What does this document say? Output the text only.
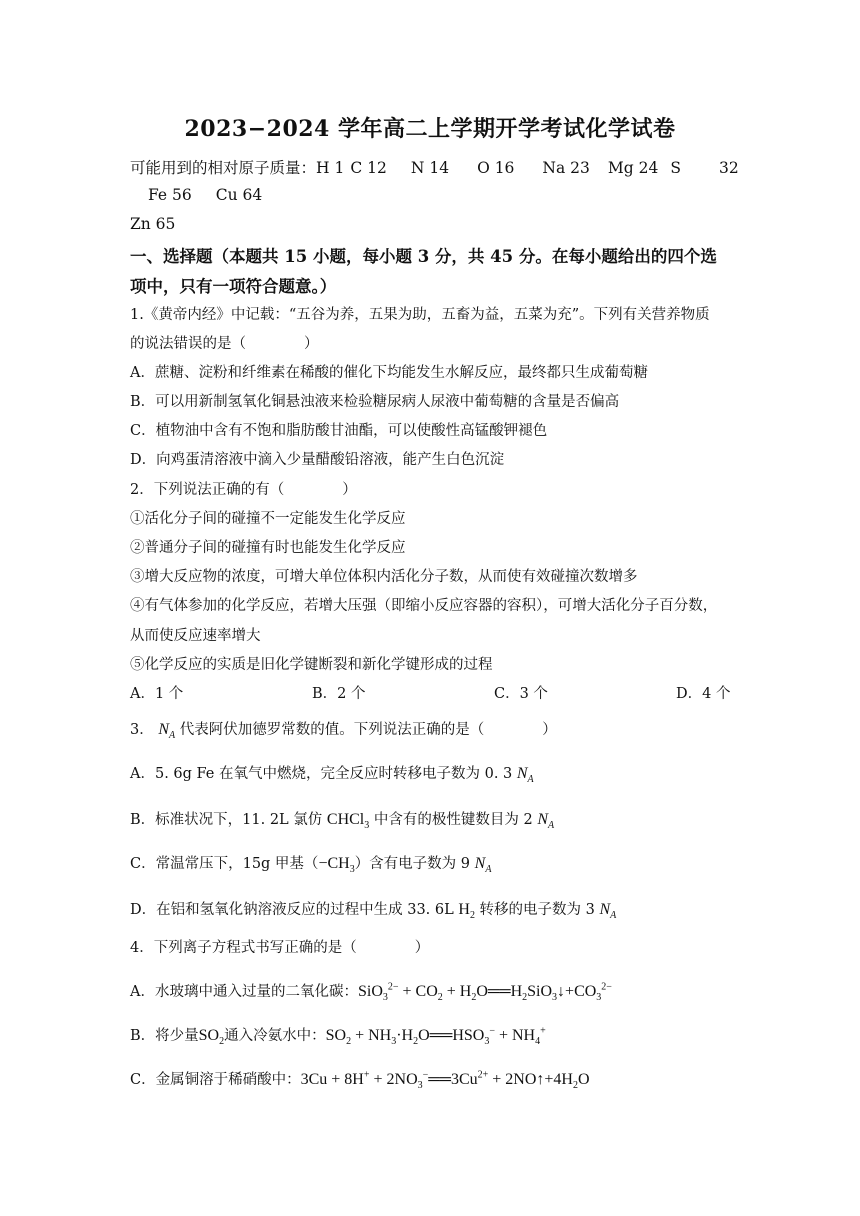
2023−2024 学年高二上学期开学考试化学试卷
可能用到的相对原子质量：H 1 C 12 N 14 O 16 Na 23 Mg 24 S 32
Fe 56 Cu 64
Zn 65
一、选择题（本题共 15 小题，每小题 3 分，共 45 分。在每小题给出的四个选
项中，只有一项符合题意。）
1.《黄帝内经》中记载：“五谷为养，五果为助，五畜为益，五菜为充”。下列有关营养物质
的说法错误的是（　　　　）
A．蔗糖、淀粉和纤维素在稀酸的催化下均能发生水解反应，最终都只生成葡萄糖
B．可以用新制氢氧化铜悬浊液来检验糖尿病人尿液中葡萄糖的含量是否偏高
C．植物油中含有不饱和脂肪酸甘油酯，可以使酸性高锰酸钾褪色
D．向鸡蛋清溶液中滴入少量醋酸铅溶液，能产生白色沉淀
2．下列说法正确的有（　　　　）
①活化分子间的碰撞不一定能发生化学反应
②普通分子间的碰撞有时也能发生化学反应
③增大反应物的浓度，可增大单位体积内活化分子数，从而使有效碰撞次数增多
④有气体参加的化学反应，若增大压强（即缩小反应容器的容积），可增大活化分子百分数，
从而使反应速率增大
⑤化学反应的实质是旧化学键断裂和新化学键形成的过程
A．1 个	B．2 个	C．3 个	D．4 个
3． $N_A$ 代表阿伏加德罗常数的值。下列说法正确的是（　　　　）
A．5. 6g Fe 在氧气中燃烧，完全反应时转移电子数为 0. 3 $N_A$
B．标准状况下，11. 2L 氯仿 CHCl$_3$ 中含有的极性键数目为 2 $N_A$
C．常温常压下，15g 甲基$(-CH_3)$含有电子数为 9 $N_A$
D．在铝和氢氧化钠溶液反应的过程中生成 33. 6L $H_2$ 转移的电子数为 3 $N_A$
4．下列离子方程式书写正确的是（　　　　）
A．水玻璃中通入过量的二氧化碳：$SiO_3^{2-} + CO_2$ + $H_2O══H_2SiO_3↓+CO_3^{2-}$
B．将少量$SO_2$通入冷氨水中：$SO_2$ + $NH_3\cdot H_2O══HSO_3^- + NH_4^+$
C．金属铜溶于稀硝酸中：$3Cu + 8H^+ + 2NO_3^-══3Cu^{2+}$ + $2NO↑+4H_2O$
